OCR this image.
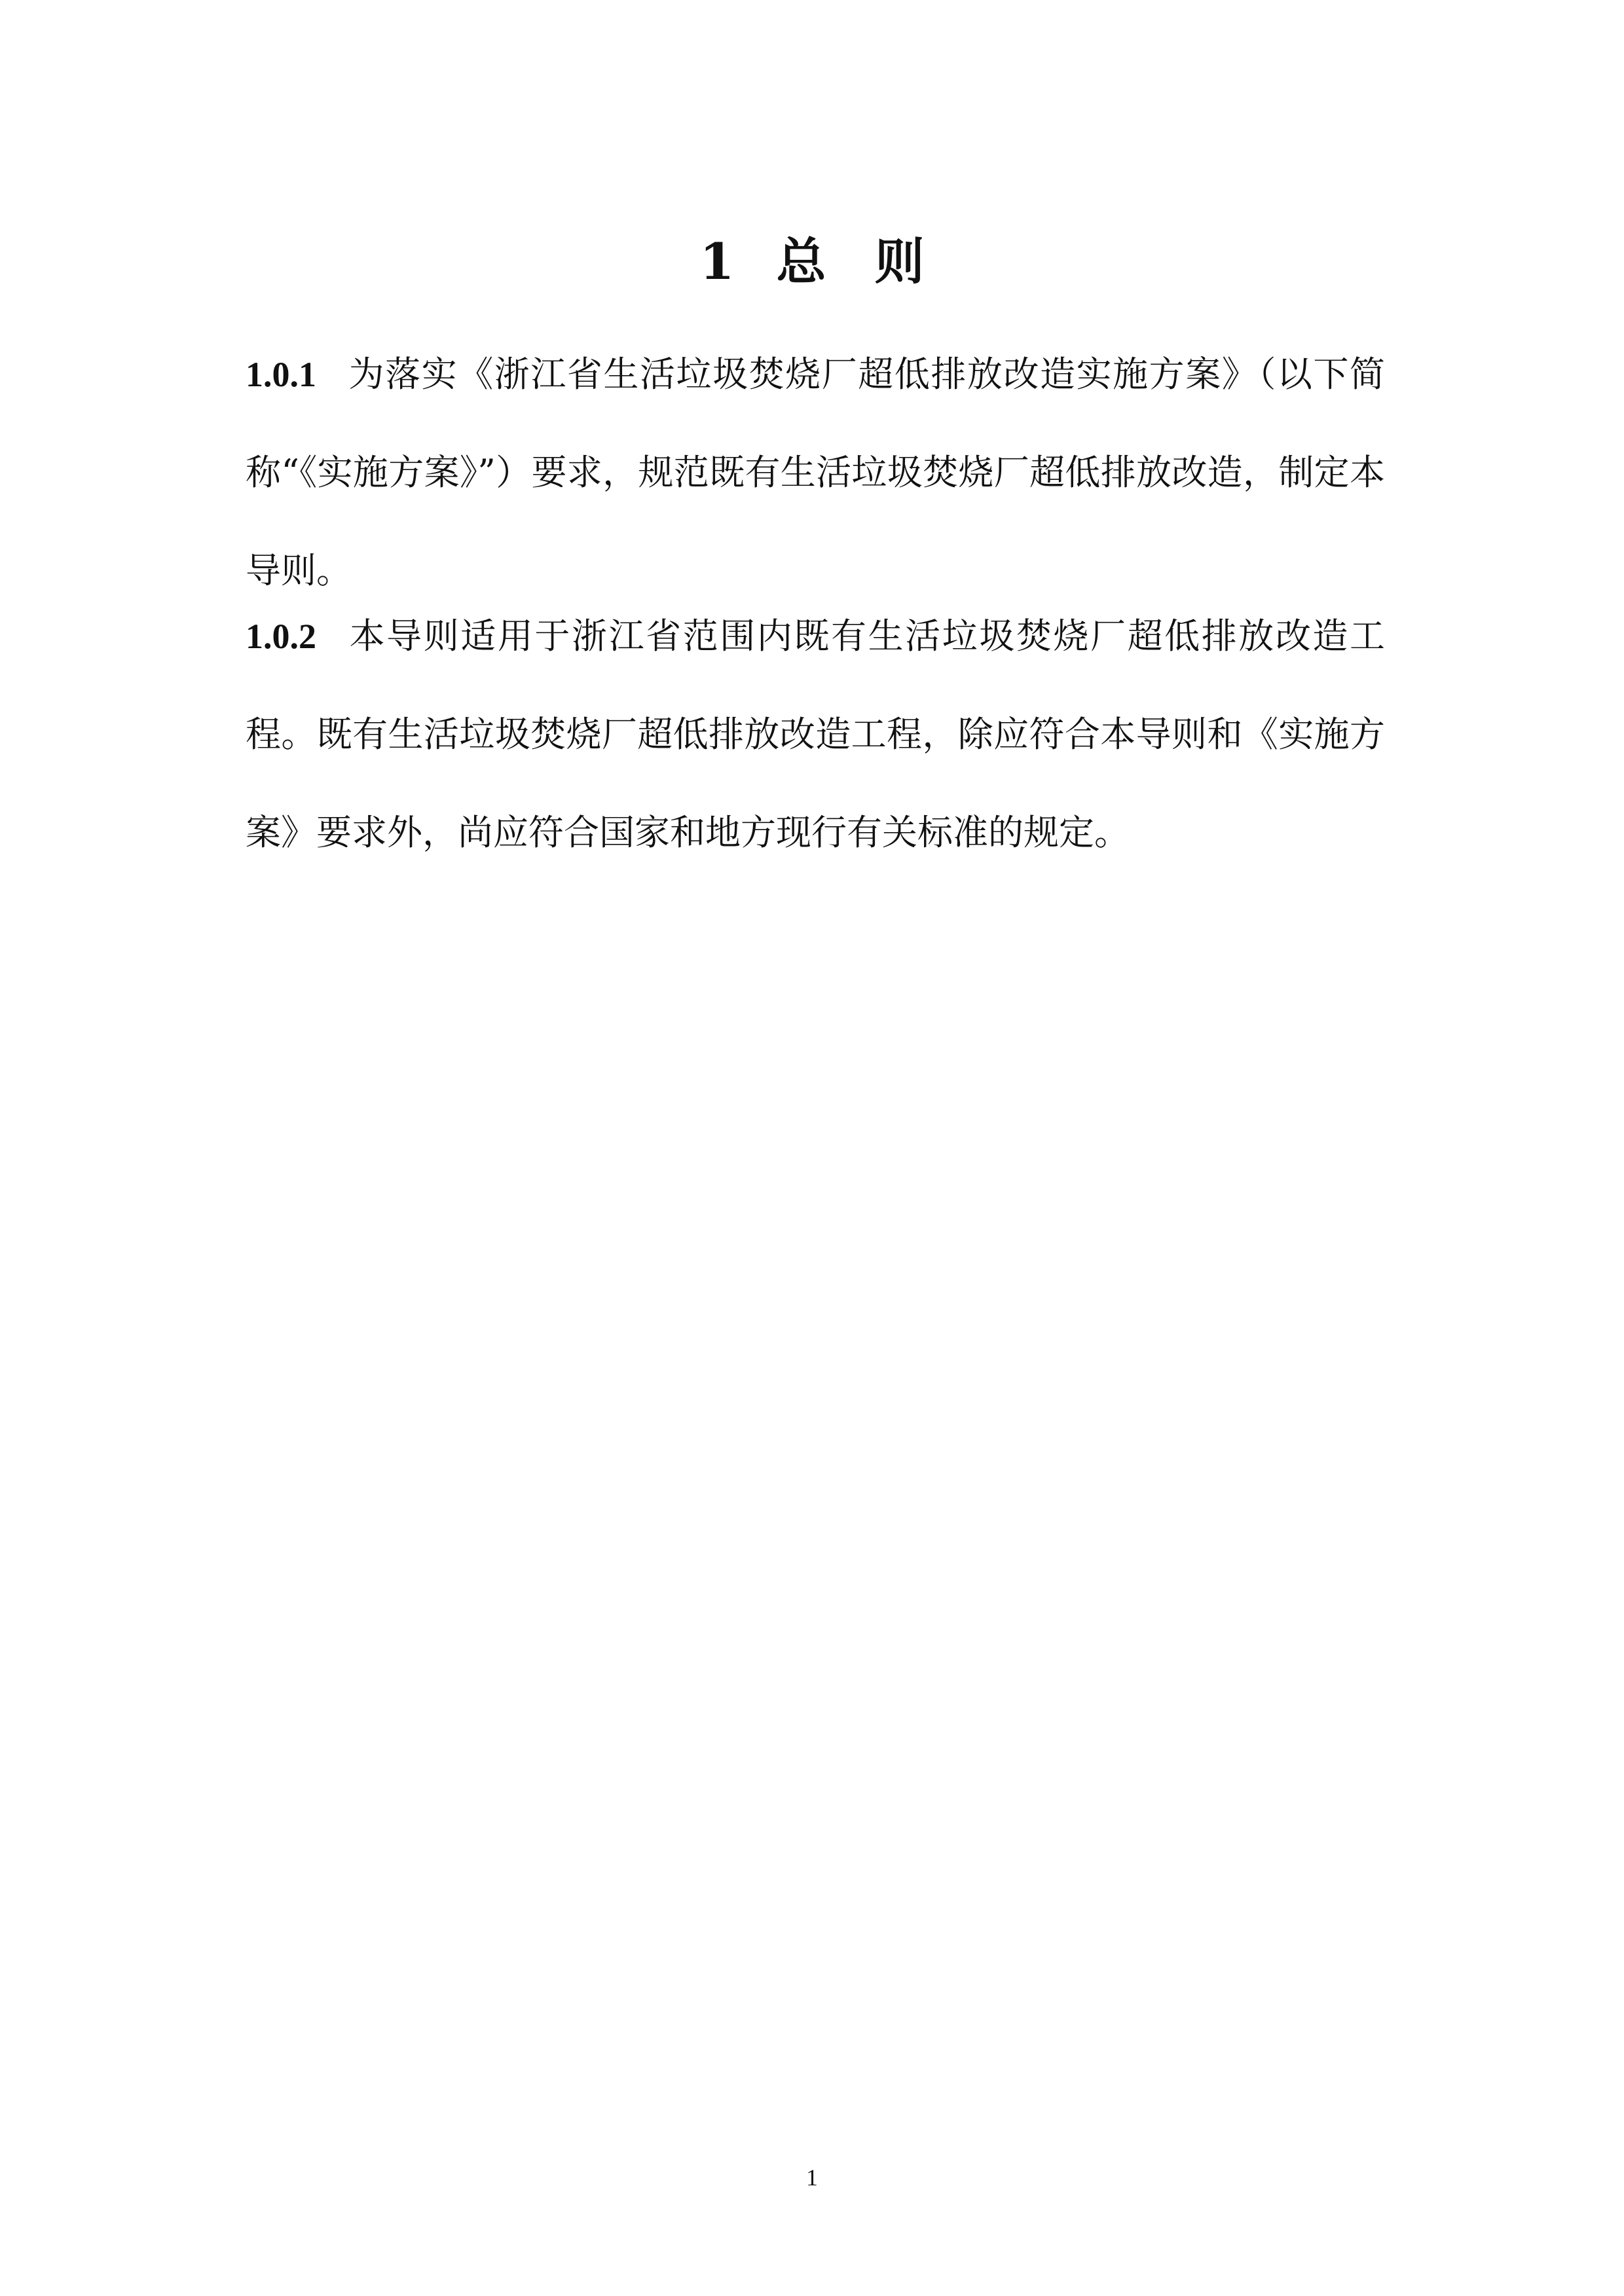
1 总 则
1.0.1 为落实《浙江省生活垃圾焚烧厂超低排放改造实施方案》（以下简称“《实施方案》”）要求，规范既有生活垃圾焚烧厂超低排放改造，制定本导则。
1.0.2 本导则适用于浙江省范围内既有生活垃圾焚烧厂超低排放改造工程。既有生活垃圾焚烧厂超低排放改造工程，除应符合本导则和《实施方案》要求外，尚应符合国家和地方现行有关标准的规定。
1
